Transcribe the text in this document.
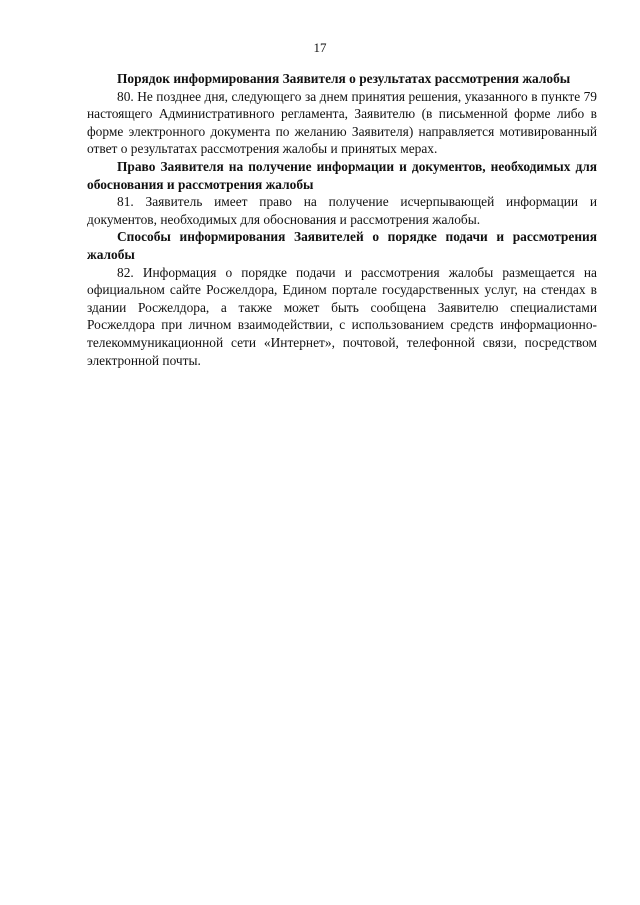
17

Порядок информирования Заявителя о результатах рассмотрения жалобы

80. Не позднее дня, следующего за днем принятия решения, указанного в пункте 79 настоящего Административного регламента, Заявителю (в письменной форме либо в форме электронного документа по желанию Заявителя) направляется мотивированный ответ о результатах рассмотрения жалобы и принятых мерах.

Право Заявителя на получение информации и документов, необходимых для обоснования и рассмотрения жалобы

81. Заявитель имеет право на получение исчерпывающей информации и документов, необходимых для обоснования и рассмотрения жалобы.

Способы информирования Заявителей о порядке подачи и рассмотрения жалобы

82. Информация о порядке подачи и рассмотрения жалобы размещается на официальном сайте Росжелдора, Едином портале государственных услуг, на стендах в здании Росжелдора, а также может быть сообщена Заявителю специалистами Росжелдора при личном взаимодействии, с использованием средств информационно-телекоммуникационной сети «Интернет», почтовой, телефонной связи, посредством электронной почты.
